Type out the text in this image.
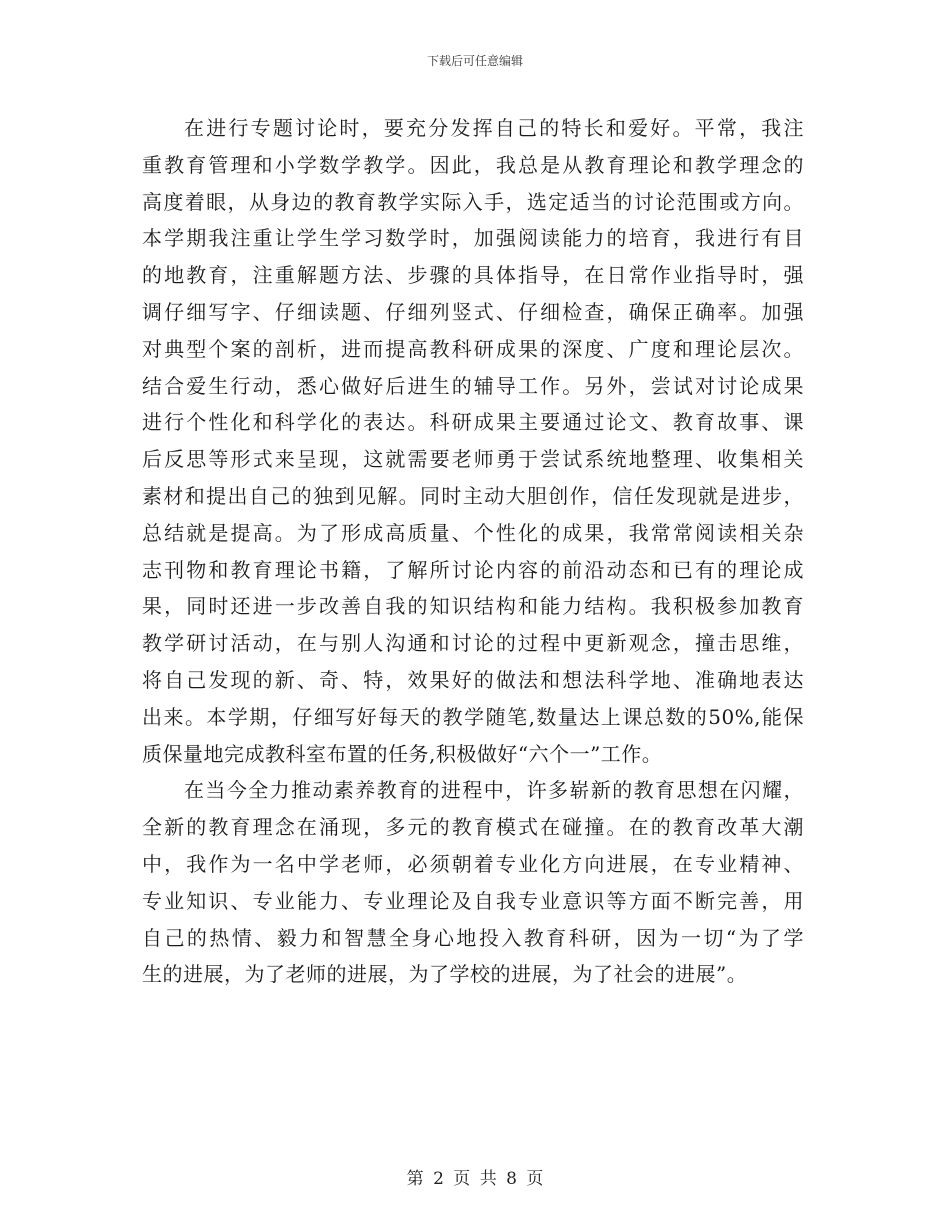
下载后可任意编辑

在进行专题讨论时，要充分发挥自己的特长和爱好。平常，我注
重教育管理和小学数学教学。因此，我总是从教育理论和教学理念的
高度着眼，从身边的教育教学实际入手，选定适当的讨论范围或方向。
本学期我注重让学生学习数学时，加强阅读能力的培育，我进行有目
的地教育，注重解题方法、步骤的具体指导，在日常作业指导时，强
调仔细写字、仔细读题、仔细列竖式、仔细检查，确保正确率。加强
对典型个案的剖析，进而提高教科研成果的深度、广度和理论层次。
结合爱生行动，悉心做好后进生的辅导工作。另外，尝试对讨论成果
进行个性化和科学化的表达。科研成果主要通过论文、教育故事、课
后反思等形式来呈现，这就需要老师勇于尝试系统地整理、收集相关
素材和提出自己的独到见解。同时主动大胆创作，信任发现就是进步，
总结就是提高。为了形成高质量、个性化的成果，我常常阅读相关杂
志刊物和教育理论书籍，了解所讨论内容的前沿动态和已有的理论成
果，同时还进一步改善自我的知识结构和能力结构。我积极参加教育
教学研讨活动，在与别人沟通和讨论的过程中更新观念，撞击思维，
将自己发现的新、奇、特，效果好的做法和想法科学地、准确地表达
出来。本学期，仔细写好每天的教学随笔,数量达上课总数的50%,能保
质保量地完成教科室布置的任务,积极做好“六个一”工作。

在当今全力推动素养教育的进程中，许多崭新的教育思想在闪耀，
全新的教育理念在涌现，多元的教育模式在碰撞。在的教育改革大潮
中，我作为一名中学老师，必须朝着专业化方向进展，在专业精神、
专业知识、专业能力、专业理论及自我专业意识等方面不断完善，用
自己的热情、毅力和智慧全身心地投入教育科研，因为一切“为了学
生的进展，为了老师的进展，为了学校的进展，为了社会的进展”。

第 2 页 共 8 页
